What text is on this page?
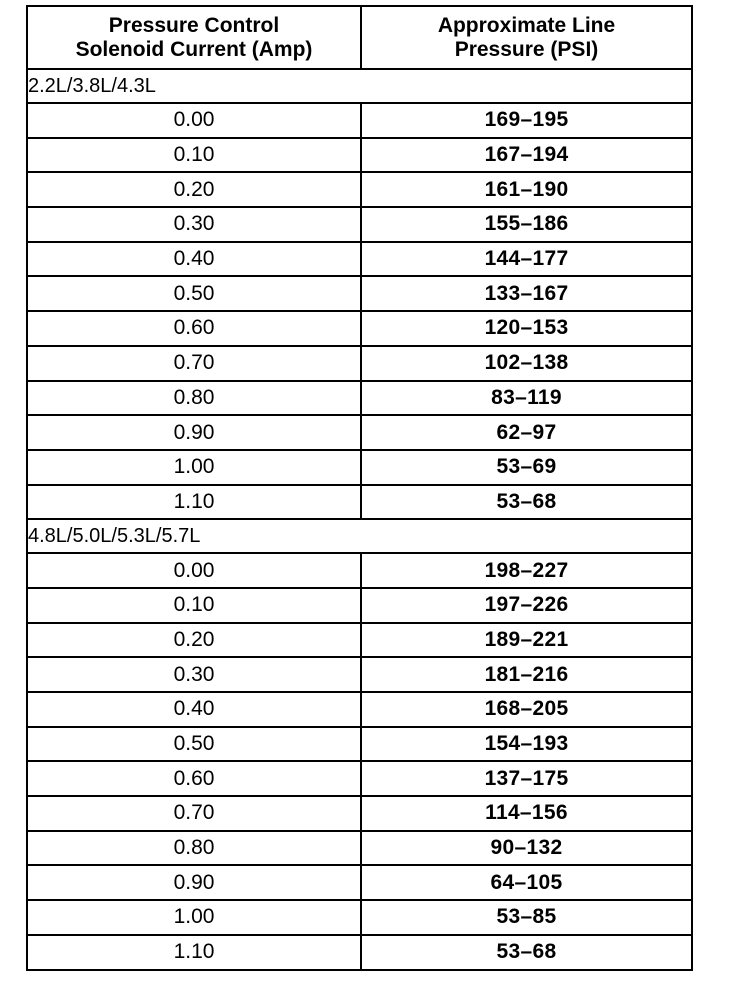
Pressure Control
Solenoid Current (Amp)	Approximate Line
Pressure (PSI)

2.2L/3.8L/4.3L	
0.00	169–195
0.10	167–194
0.20	161–190
0.30	155–186
0.40	144–177
0.50	133–167
0.60	120–153
0.70	102–138
0.80	83–119
0.90	62–97
1.00	53–69
1.10	53–68
4.8L/5.0L/5.3L/5.7L	
0.00	198–227
0.10	197–226
0.20	189–221
0.30	181–216
0.40	168–205
0.50	154–193
0.60	137–175
0.70	114–156
0.80	90–132
0.90	64–105
1.00	53–85
1.10	53–68
